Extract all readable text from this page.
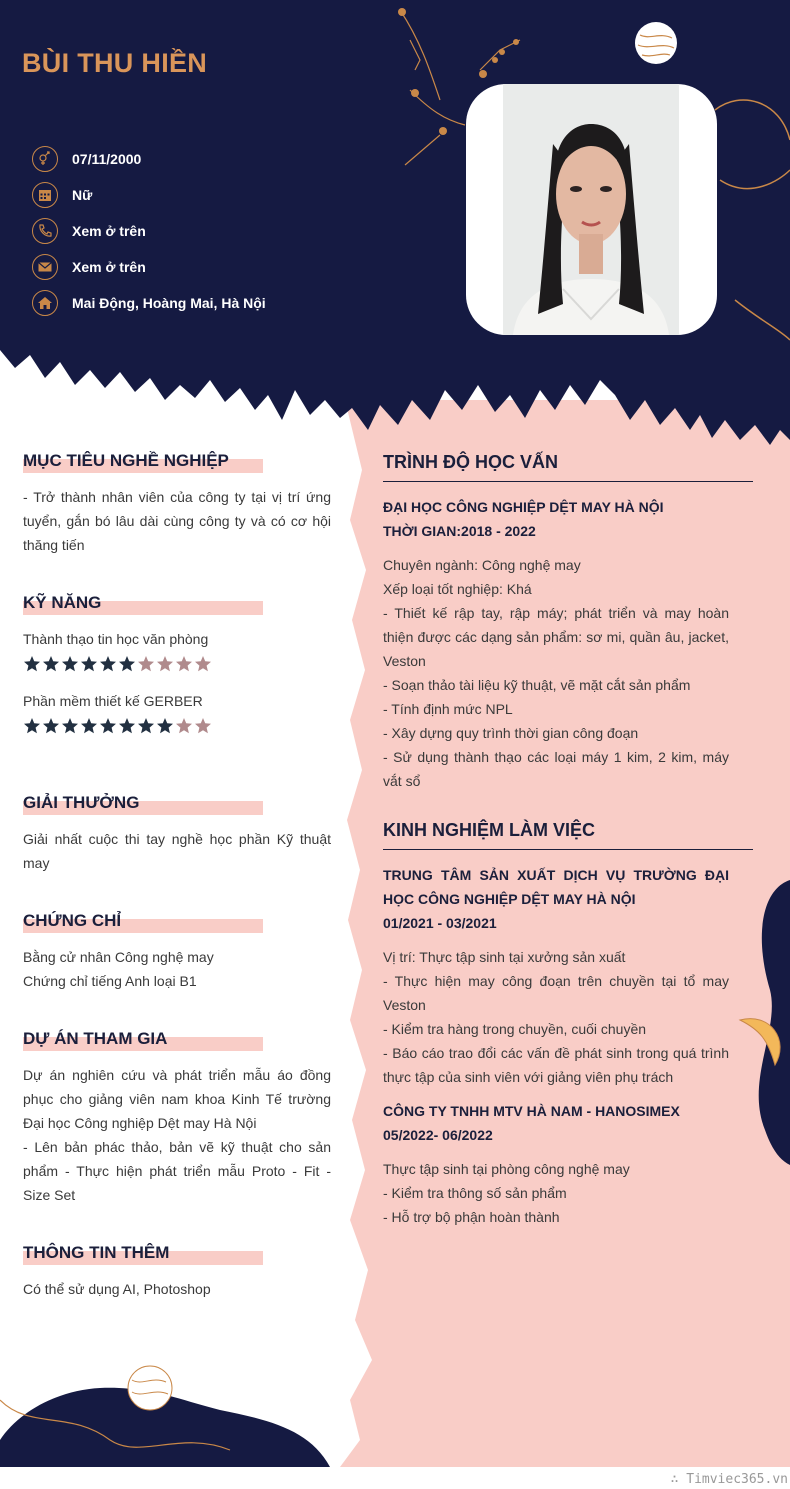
BÙI THU HIỀN
07/11/2000
Nữ
Xem ở trên
Xem ở trên
Mai Động, Hoàng Mai, Hà Nội
MỤC TIÊU NGHỀ NGHIỆP
- Trở thành nhân viên của công ty tại vị trí ứng tuyển, gắn bó lâu dài cùng công ty và có cơ hội thăng tiến
KỸ NĂNG
Thành thạo tin học văn phòng
Phần mềm thiết kế GERBER
GIẢI THƯỞNG
Giải nhất cuộc thi tay nghề học phần Kỹ thuật may
CHỨNG CHỈ
Bằng cử nhân Công nghệ may
Chứng chỉ tiếng Anh loại B1
DỰ ÁN THAM GIA
Dự án nghiên cứu và phát triển mẫu áo đồng phục cho giảng viên nam khoa Kinh Tế trường Đại học Công nghiệp Dệt may Hà Nội
- Lên bản phác thảo, bản vẽ kỹ thuật cho sản phẩm - Thực hiện phát triển mẫu Proto - Fit - Size Set
THÔNG TIN THÊM
Có thể sử dụng AI, Photoshop
TRÌNH ĐỘ HỌC VẤN
ĐẠI HỌC CÔNG NGHIỆP DỆT MAY HÀ NỘI
THỜI GIAN:2018 - 2022
Chuyên ngành: Công nghệ may
Xếp loại tốt nghiệp: Khá
- Thiết kế rập tay, rập máy; phát triển và may hoàn thiện được các dạng sản phẩm: sơ mi, quần âu, jacket, Veston
- Soạn thảo tài liệu kỹ thuật, vẽ mặt cắt sản phẩm
- Tính định mức NPL
- Xây dựng quy trình thời gian công đoạn
- Sử dụng thành thạo các loại máy 1 kim, 2 kim, máy vắt sổ
KINH NGHIỆM LÀM VIỆC
TRUNG TÂM SẢN XUẤT DỊCH VỤ TRƯỜNG ĐẠI HỌC CÔNG NGHIỆP DỆT MAY HÀ NỘI
01/2021 - 03/2021
Vị trí: Thực tập sinh tại xưởng sản xuất
- Thực hiện may công đoạn trên chuyền tại tổ may Veston
- Kiểm tra hàng trong chuyền, cuối chuyền
- Báo cáo trao đổi các vấn đề phát sinh trong quá trình thực tập của sinh viên với giảng viên phụ trách
CÔNG TY TNHH MTV HÀ NAM - HANOSIMEX
05/2022- 06/2022
Thực tập sinh tại phòng công nghệ may
- Kiểm tra thông số sản phẩm
- Hỗ trợ bộ phận hoàn thành
∴ Timviec365.vn
